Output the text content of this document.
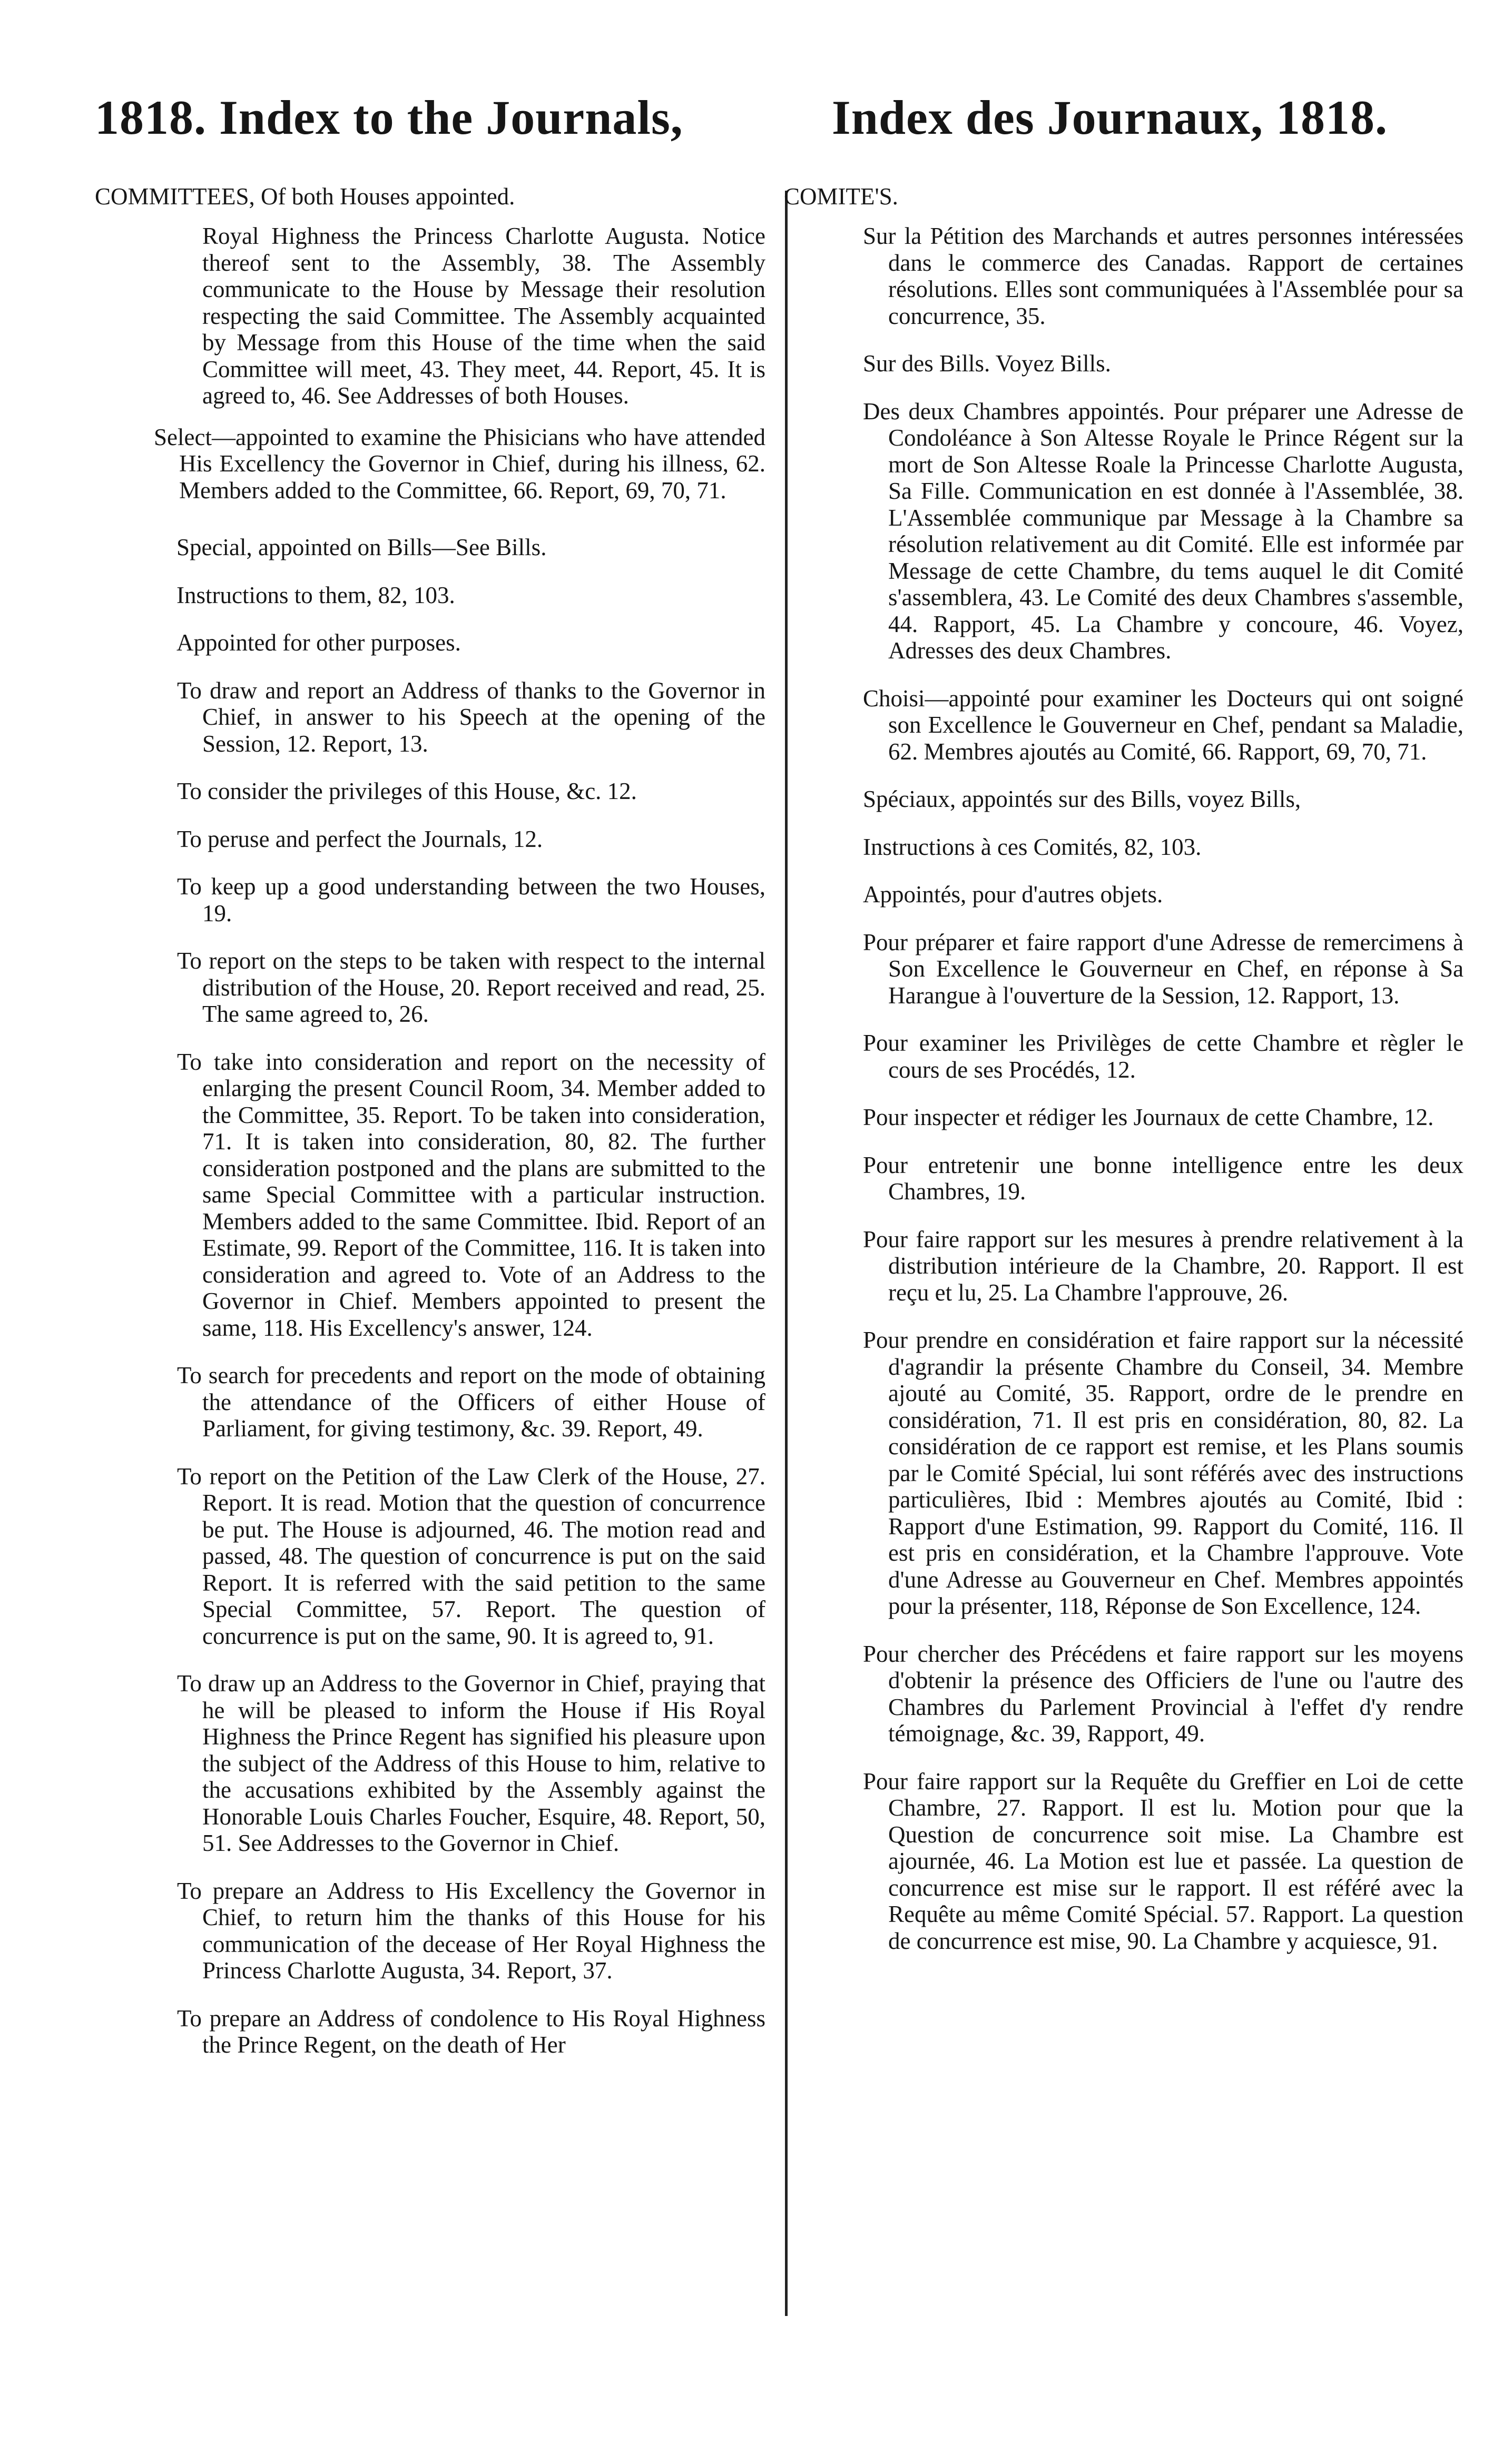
1818. Index to the Journals,	Index des Journaux, 1818.
COMMITTEES, Of both Houses appointed.
Royal Highness the Princess Charlotte Augusta. Notice thereof sent to the Assembly, 38. The Assembly communicate to the House by Message their resolution respecting the said Committee. The Assembly acquainted by Message from this House of the time when the said Committee will meet, 43. They meet, 44. Report, 45. It is agreed to, 46. See Addresses of both Houses.
Select—appointed to examine the Phisicians who have attended His Excellency the Governor in Chief, during his illness, 62. Members added to the Committee, 66. Report, 69, 70, 71.
Special, appointed on Bills—See Bills.
Instructions to them, 82, 103.
Appointed for other purposes.
To draw and report an Address of thanks to the Governor in Chief, in answer to his Speech at the opening of the Session, 12. Report, 13.
To consider the privileges of this House, &c. 12.
To peruse and perfect the Journals, 12.
To keep up a good understanding between the two Houses, 19.
To report on the steps to be taken with respect to the internal distribution of the House, 20. Report received and read, 25. The same agreed to, 26.
To take into consideration and report on the necessity of enlarging the present Council Room, 34. Member added to the Committee, 35. Report. To be taken into consideration, 71. It is taken into consideration, 80, 82. The further consideration postponed and the plans are submitted to the same Special Committee with a particular instruction. Members added to the same Committee. Ibid. Report of an Estimate, 99. Report of the Committee, 116. It is taken into consideration and agreed to. Vote of an Address to the Governor in Chief. Members appointed to present the same, 118. His Excellency's answer, 124.
To search for precedents and report on the mode of obtaining the attendance of the Officers of either House of Parliament, for giving testimony, &c. 39. Report, 49.
To report on the Petition of the Law Clerk of the House, 27. Report. It is read. Motion that the question of concurrence be put. The House is adjourned, 46. The motion read and passed, 48. The question of concurrence is put on the said Report. It is referred with the said petition to the same Special Committee, 57. Report. The question of concurrence is put on the same, 90. It is agreed to, 91.
To draw up an Address to the Governor in Chief, praying that he will be pleased to inform the House if His Royal Highness the Prince Regent has signified his pleasure upon the subject of the Address of this House to him, relative to the accusations exhibited by the Assembly against the Honorable Louis Charles Foucher, Esquire, 48. Report, 50, 51. See Addresses to the Governor in Chief.
To prepare an Address to His Excellency the Governor in Chief, to return him the thanks of this House for his communication of the decease of Her Royal Highness the Princess Charlotte Augusta, 34. Report, 37.
To prepare an Address of condolence to His Royal Highness the Prince Regent, on the death of Her
COMITE'S.
Sur la Pétition des Marchands et autres personnes intéressées dans le commerce des Canadas. Rapport de certaines résolutions. Elles sont communiquées à l'Assemblée pour sa concurrence, 35.
Sur des Bills. Voyez Bills.
Des deux Chambres appointés. Pour préparer une Adresse de Condoléance à Son Altesse Royale le Prince Régent sur la mort de Son Altesse Roale la Princesse Charlotte Augusta, Sa Fille. Communication en est donnée à l'Assemblée, 38. L'Assemblée communique par Message à la Chambre sa résolution relativement au dit Comité. Elle est informée par Message de cette Chambre, du tems auquel le dit Comité s'assemblera, 43. Le Comité des deux Chambres s'assemble, 44. Rapport, 45. La Chambre y concoure, 46. Voyez, Adresses des deux Chambres.
Choisi—appointé pour examiner les Docteurs qui ont soigné son Excellence le Gouverneur en Chef, pendant sa Maladie, 62. Membres ajoutés au Comité, 66. Rapport, 69, 70, 71.
Spéciaux, appointés sur des Bills, voyez Bills,
Instructions à ces Comités, 82, 103.
Appointés, pour d'autres objets.
Pour préparer et faire rapport d'une Adresse de remercimens à Son Excellence le Gouverneur en Chef, en réponse à Sa Harangue à l'ouverture de la Session, 12. Rapport, 13.
Pour examiner les Privilèges de cette Chambre et règler le cours de ses Procédés, 12.
Pour inspecter et rédiger les Journaux de cette Chambre, 12.
Pour entretenir une bonne intelligence entre les deux Chambres, 19.
Pour faire rapport sur les mesures à prendre relativement à la distribution intérieure de la Chambre, 20. Rapport. Il est reçu et lu, 25. La Chambre l'approuve, 26.
Pour prendre en considération et faire rapport sur la nécessité d'agrandir la présente Chambre du Conseil, 34. Membre ajouté au Comité, 35. Rapport, ordre de le prendre en considération, 71. Il est pris en considération, 80, 82. La considération de ce rapport est remise, et les Plans soumis par le Comité Spécial, lui sont référés avec des instructions particulières, Ibid : Membres ajoutés au Comité, Ibid : Rapport d'une Estimation, 99. Rapport du Comité, 116. Il est pris en considération, et la Chambre l'approuve. Vote d'une Adresse au Gouverneur en Chef. Membres appointés pour la présenter, 118, Réponse de Son Excellence, 124.
Pour chercher des Précédens et faire rapport sur les moyens d'obtenir la présence des Officiers de l'une ou l'autre des Chambres du Parlement Provincial à l'effet d'y rendre témoignage, &c. 39, Rapport, 49.
Pour faire rapport sur la Requête du Greffier en Loi de cette Chambre, 27. Rapport. Il est lu. Motion pour que la Question de concurrence soit mise. La Chambre est ajournée, 46. La Motion est lue et passée. La question de concurrence est mise sur le rapport. Il est référé avec la Requête au même Comité Spécial. 57. Rapport. La question de concurrence est mise, 90. La Chambre y acquiesce, 91.
